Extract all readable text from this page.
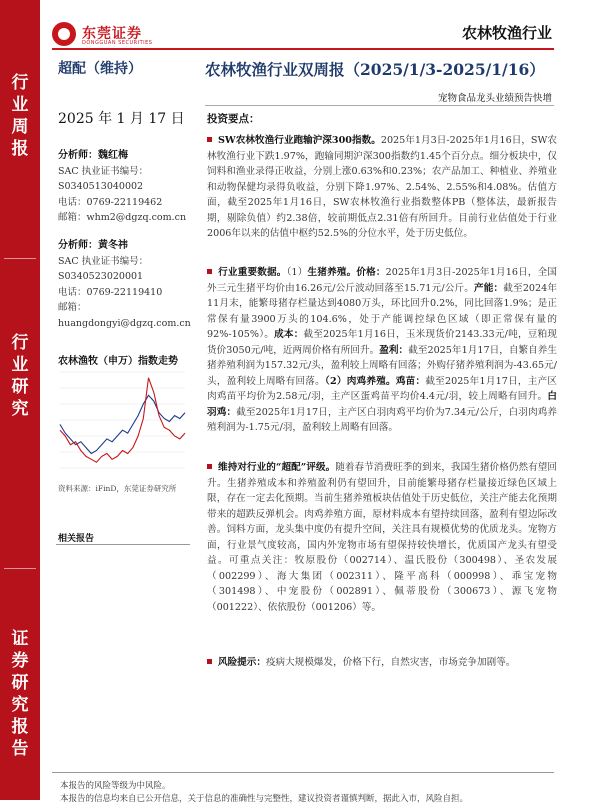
行
业
周
报
行
业
研
究
证
券
研
究
报
告
东莞证券
DONGGUAN SECURITIES
农林牧渔行业
超配（维持）
2025 年 1 月 17 日
分析师：魏红梅
SAC 执业证书编号：
S0340513040002
电话：0769-22119462
邮箱：whm2@dgzq.com.cn
分析师：黄冬祎
SAC 执业证书编号：
S0340523020001
电话：0769-22119410
邮箱：
huangdongyi@dgzq.com.cn
农林渔牧（申万）指数走势
资料来源：iFinD，东莞证券研究所
相关报告
农林牧渔行业双周报（2025/1/3-2025/1/16）
宠物食品龙头业绩预告快增
投资要点：
SW农林牧渔行业跑输沪深300指数。2025年1月3日-2025年1月16日，SW农林牧渔行业下跌1.97%，跑输同期沪深300指数约1.45个百分点。细分板块中，仅饲料和渔业录得正收益，分别上涨0.63%和0.23%；农产品加工、种植业、养殖业和动物保健均录得负收益，分别下降1.97%、2.54%、2.55%和4.08%。估值方面，截至2025年1月16日，SW农林牧渔行业指数整体PB（整体法，最新报告期，剔除负值）约2.38倍，较前期低点2.31倍有所回升。目前行业估值处于行业2006年以来的估值中枢约52.5%的分位水平，处于历史低位。
行业重要数据。（1）生猪养殖。价格：2025年1月3日-2025年1月16日，全国外三元生猪平均价由16.26元/公斤波动回落至15.71元/公斤。产能：截至2024年11月末，能繁母猪存栏量达到4080万头，环比回升0.2%，同比回落1.9%；是正常保有量3900万头的104.6%，处于产能调控绿色区域（即正常保有量的92%-105%）。成本：截至2025年1月16日，玉米现货价2143.33元/吨，豆粕现货价3050元/吨，近两周价格有所回升。盈利：截至2025年1月17日，自繁自养生猪养殖利润为157.32元/头，盈利较上周略有回落；外购仔猪养殖利润为-43.65元/头，盈利较上周略有回落。（2）肉鸡养殖。鸡苗：截至2025年1月17日，主产区肉鸡苗平均价为2.58元/羽，主产区蛋鸡苗平均价4.4元/羽，较上周略有回升。白羽鸡：截至2025年1月17日，主产区白羽肉鸡平均价为7.34元/公斤，白羽肉鸡养殖利润为-1.75元/羽，盈利较上周略有回落。
维持对行业的“超配”评级。随着春节消费旺季的到来，我国生猪价格仍然有望回升。生猪养殖成本和养殖盈利仍有望回升，目前能繁母猪存栏量接近绿色区域上限，存在一定去化预期。当前生猪养殖板块估值处于历史低位，关注产能去化预期带来的超跌反弹机会。肉鸡养殖方面，原材料成本有望持续回落，盈利有望边际改善。饲料方面，龙头集中度仍有提升空间，关注具有规模优势的优质龙头。宠物方面，行业景气度较高，国内外宠物市场有望保持较快增长，优质国产龙头有望受益。可重点关注：牧原股份（002714）、温氏股份（300498）、圣农发展（002299）、海大集团（002311）、隆平高科（000998）、乖宝宠物（301498）、中宠股份（002891）、佩蒂股份（300673）、源飞宠物（001222）、依依股份（001206）等。
风险提示：疫病大规模爆发，价格下行，自然灾害，市场竞争加剧等。
本报告的风险等级为中风险。
本报告的信息均来自已公开信息，关于信息的准确性与完整性，建议投资者谨慎判断，据此入市，风险自担。
